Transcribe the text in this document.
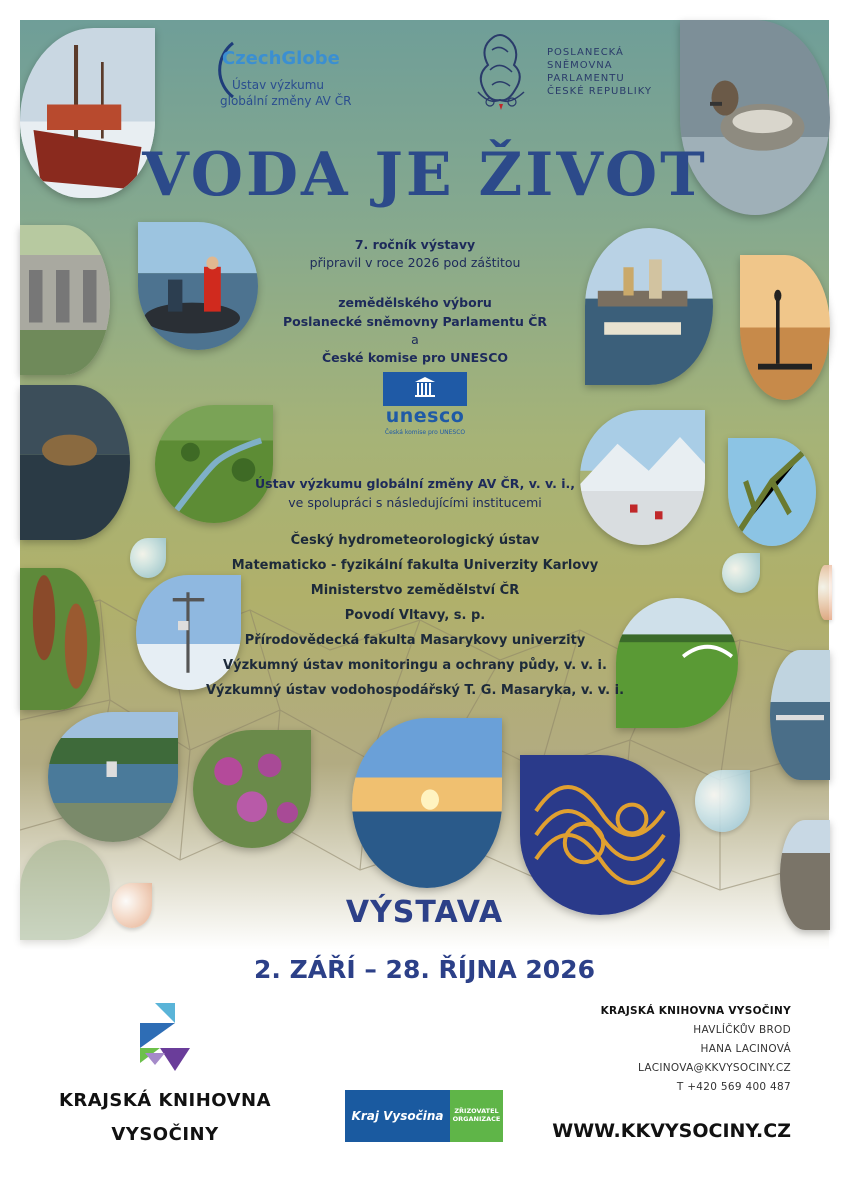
CzechGlobe
Ústav výzkumu
globální změny AV ČR
POSLANECKÁ
SNĚMOVNA
PARLAMENTU
ČESKÉ REPUBLIKY
VODA JE ŽIVOT
7. ročník výstavy
připravil v roce 2026 pod záštitou
zemědělského výboru
Poslanecké sněmovny Parlamentu ČR
a
České komise pro UNESCO
unesco
Česká komise pro UNESCO
Ústav výzkumu globální změny AV ČR, v. v. i.,
ve spolupráci s následujícími institucemi
Český hydrometeorologický ústav
Matematicko - fyzikální fakulta Univerzity Karlovy
Ministerstvo zemědělství ČR
Povodí Vltavy, s. p.
Přírodovědecká fakulta Masarykovy univerzity
Výzkumný ústav monitoringu a ochrany půdy, v. v. i.
Výzkumný ústav vodohospodářský T. G. Masaryka, v. v. i.
VÝSTAVA
2. ZÁŘÍ – 28. ŘÍJNA 2026
KRAJSKÁ KNIHOVNA
VYSOČINY
Kraj Vysočina	ZŘIZOVATEL
ORGANIZACE
KRAJSKÁ KNIHOVNA VYSOČINY
HAVLÍČKŮV BROD
HANA LACINOVÁ
LACINOVA@KKVYSOCINY.CZ
T +420 569 400 487
WWW.KKVYSOCINY.CZ
